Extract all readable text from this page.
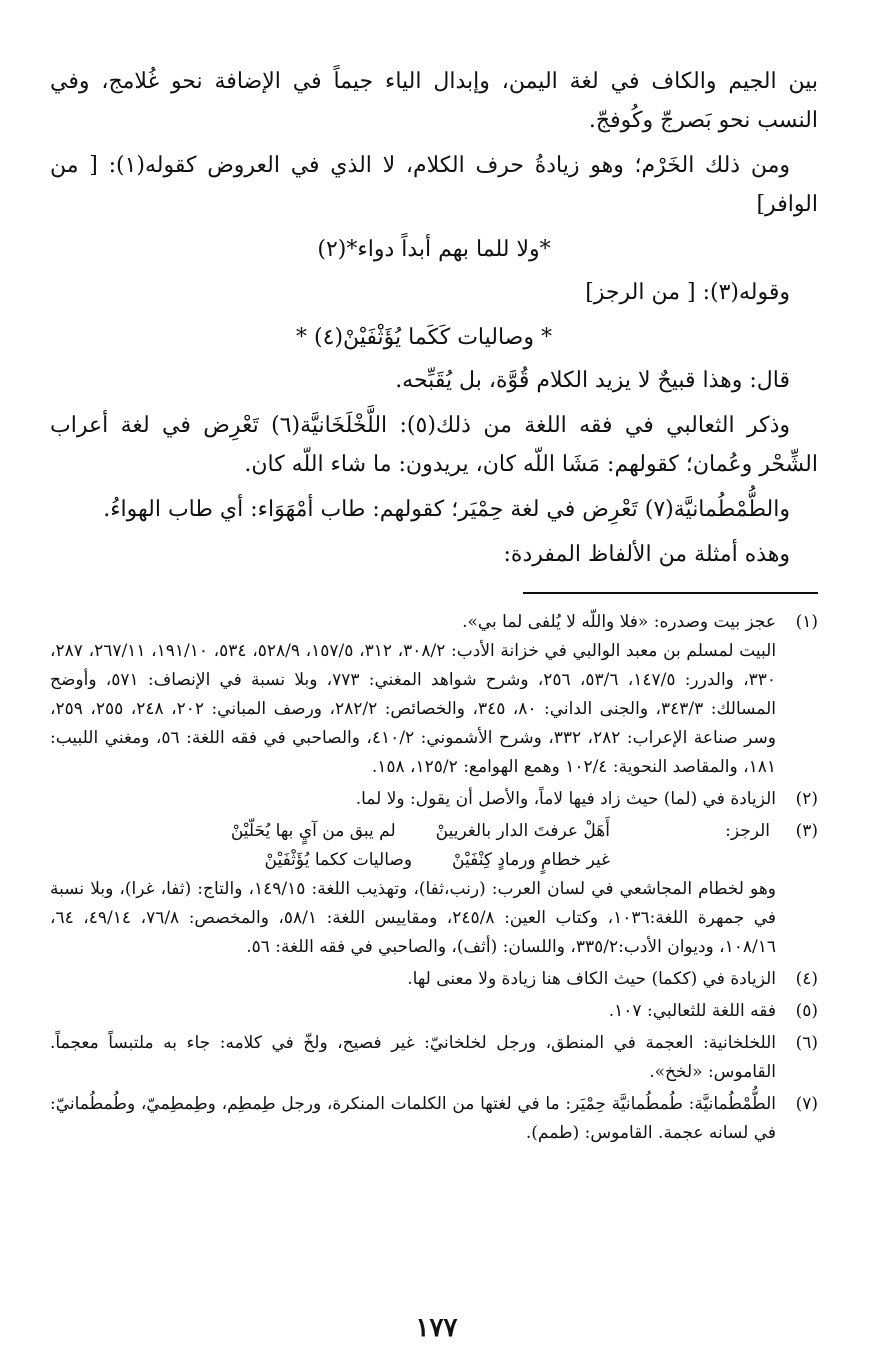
بين الجيم والكاف في لغة اليمن، وإبدال الياء جيماً في الإضافة نحو غُلامج، وفي النسب نحو بَصرجّ وكُوفجّ.

ومن ذلك الخَرْم؛ وهو زيادةُ حرف الكلام، لا الذي في العروض كقوله(١): [ من الوافر]

*ولا للما بهم أبداً دواء*(٢)

وقوله(٣): [ من الرجز]

* وصاليات كَكَما يُؤَثْفَيْنْ(٤) *

قال: وهذا قبيحٌ لا يزيد الكلام قُوَّة، بل يُقَبِّحه.

وذكر الثعالبي في فقه اللغة من ذلك(٥): اللَّخْلَخَانيَّة(٦) تَعْرِض في لغة أعراب الشِّحْر وعُمان؛ كقولهم: مَشَا اللّه كان، يريدون: ما شاء اللّه كان.

والطُّمْطُمانيَّة(٧) تَعْرِض في لغة حِمْيَر؛ كقولهم: طاب أمْهَوَاء: أي طاب الهواءُ.

وهذه أمثلة من الألفاظ المفردة:

(١)

عجز بيت وصدره: «فلا واللّه لا يُلفى لما بي».

البيت لمسلم بن معبد الوالبي في خزانة الأدب: ٣٠٨/٢، ٣١٢، ١٥٧/٥، ٥٢٨/٩، ٥٣٤، ١٩١/١٠، ٢٦٧/١١، ٢٨٧، ٣٣٠، والدرر: ١٤٧/٥، ٥٣/٦، ٢٥٦، وشرح شواهد المغني: ٧٧٣، وبلا نسبة في الإنصاف: ٥٧١، وأوضح المسالك: ٣٤٣/٣، والجنى الداني: ٨٠، ٣٤٥، والخصائص: ٢٨٢/٢، ورصف المباني: ٢٠٢، ٢٤٨، ٢٥٥، ٢٥٩، وسر صناعة الإعراب: ٢٨٢، ٣٣٢، وشرح الأشموني: ٤١٠/٢، والصاحبي في فقه اللغة: ٥٦، ومغني اللبيب: ١٨١، والمقاصد النحوية: ١٠٢/٤ وهمع الهوامع: ١٢٥/٢، ١٥٨.

(٢)

الزيادة في (لما) حيث زاد فيها لاماً، والأصل أن يقول: ولا لما.

(٣)
الرجز:
أَهَلْ عرفتَ الدار بالغريينْ
لم يبق من آيٍ بها يُحَلّيْنْ
غير خطامٍ ورمادٍ كِنْفَيْنْ
وصاليات ككما يُؤَثْفَيْنْ

وهو لخطام المجاشعي في لسان العرب: (رنب،ثفا)، وتهذيب اللغة: ١٤٩/١٥، والتاج: (ثفا، غرا)، وبلا نسبة في جمهرة اللغة:١٠٣٦، وكتاب العين: ٢٤٥/٨، ومقاييس اللغة: ٥٨/١، والمخصص: ٧٦/٨، ٤٩/١٤، ٦٤، ١٠٨/١٦، وديوان الأدب:٣٣٥/٢، واللسان: (أثف)، والصاحبي في فقه اللغة: ٥٦.

(٤)

الزيادة في (ككما) حيث الكاف هنا زيادة ولا معنى لها.

(٥)

فقه اللغة للثعالبي: ١٠٧.

(٦)

اللخلخانية: العجمة في المنطق، ورجل لخلخانيّ: غير فصيح، ولخّ في كلامه: جاء به ملتبساً معجماً. القاموس: «لخخ».

(٧)

الطُّمْطُمانيَّة: طُمطُمانيَّة حِمْيَر: ما في لغتها من الكلمات المنكرة، ورجل طِمطِم، وطِمطِميّ، وطُمطُمانيّ: في لسانه عجمة. القاموس: (طمم).

١٧٧
